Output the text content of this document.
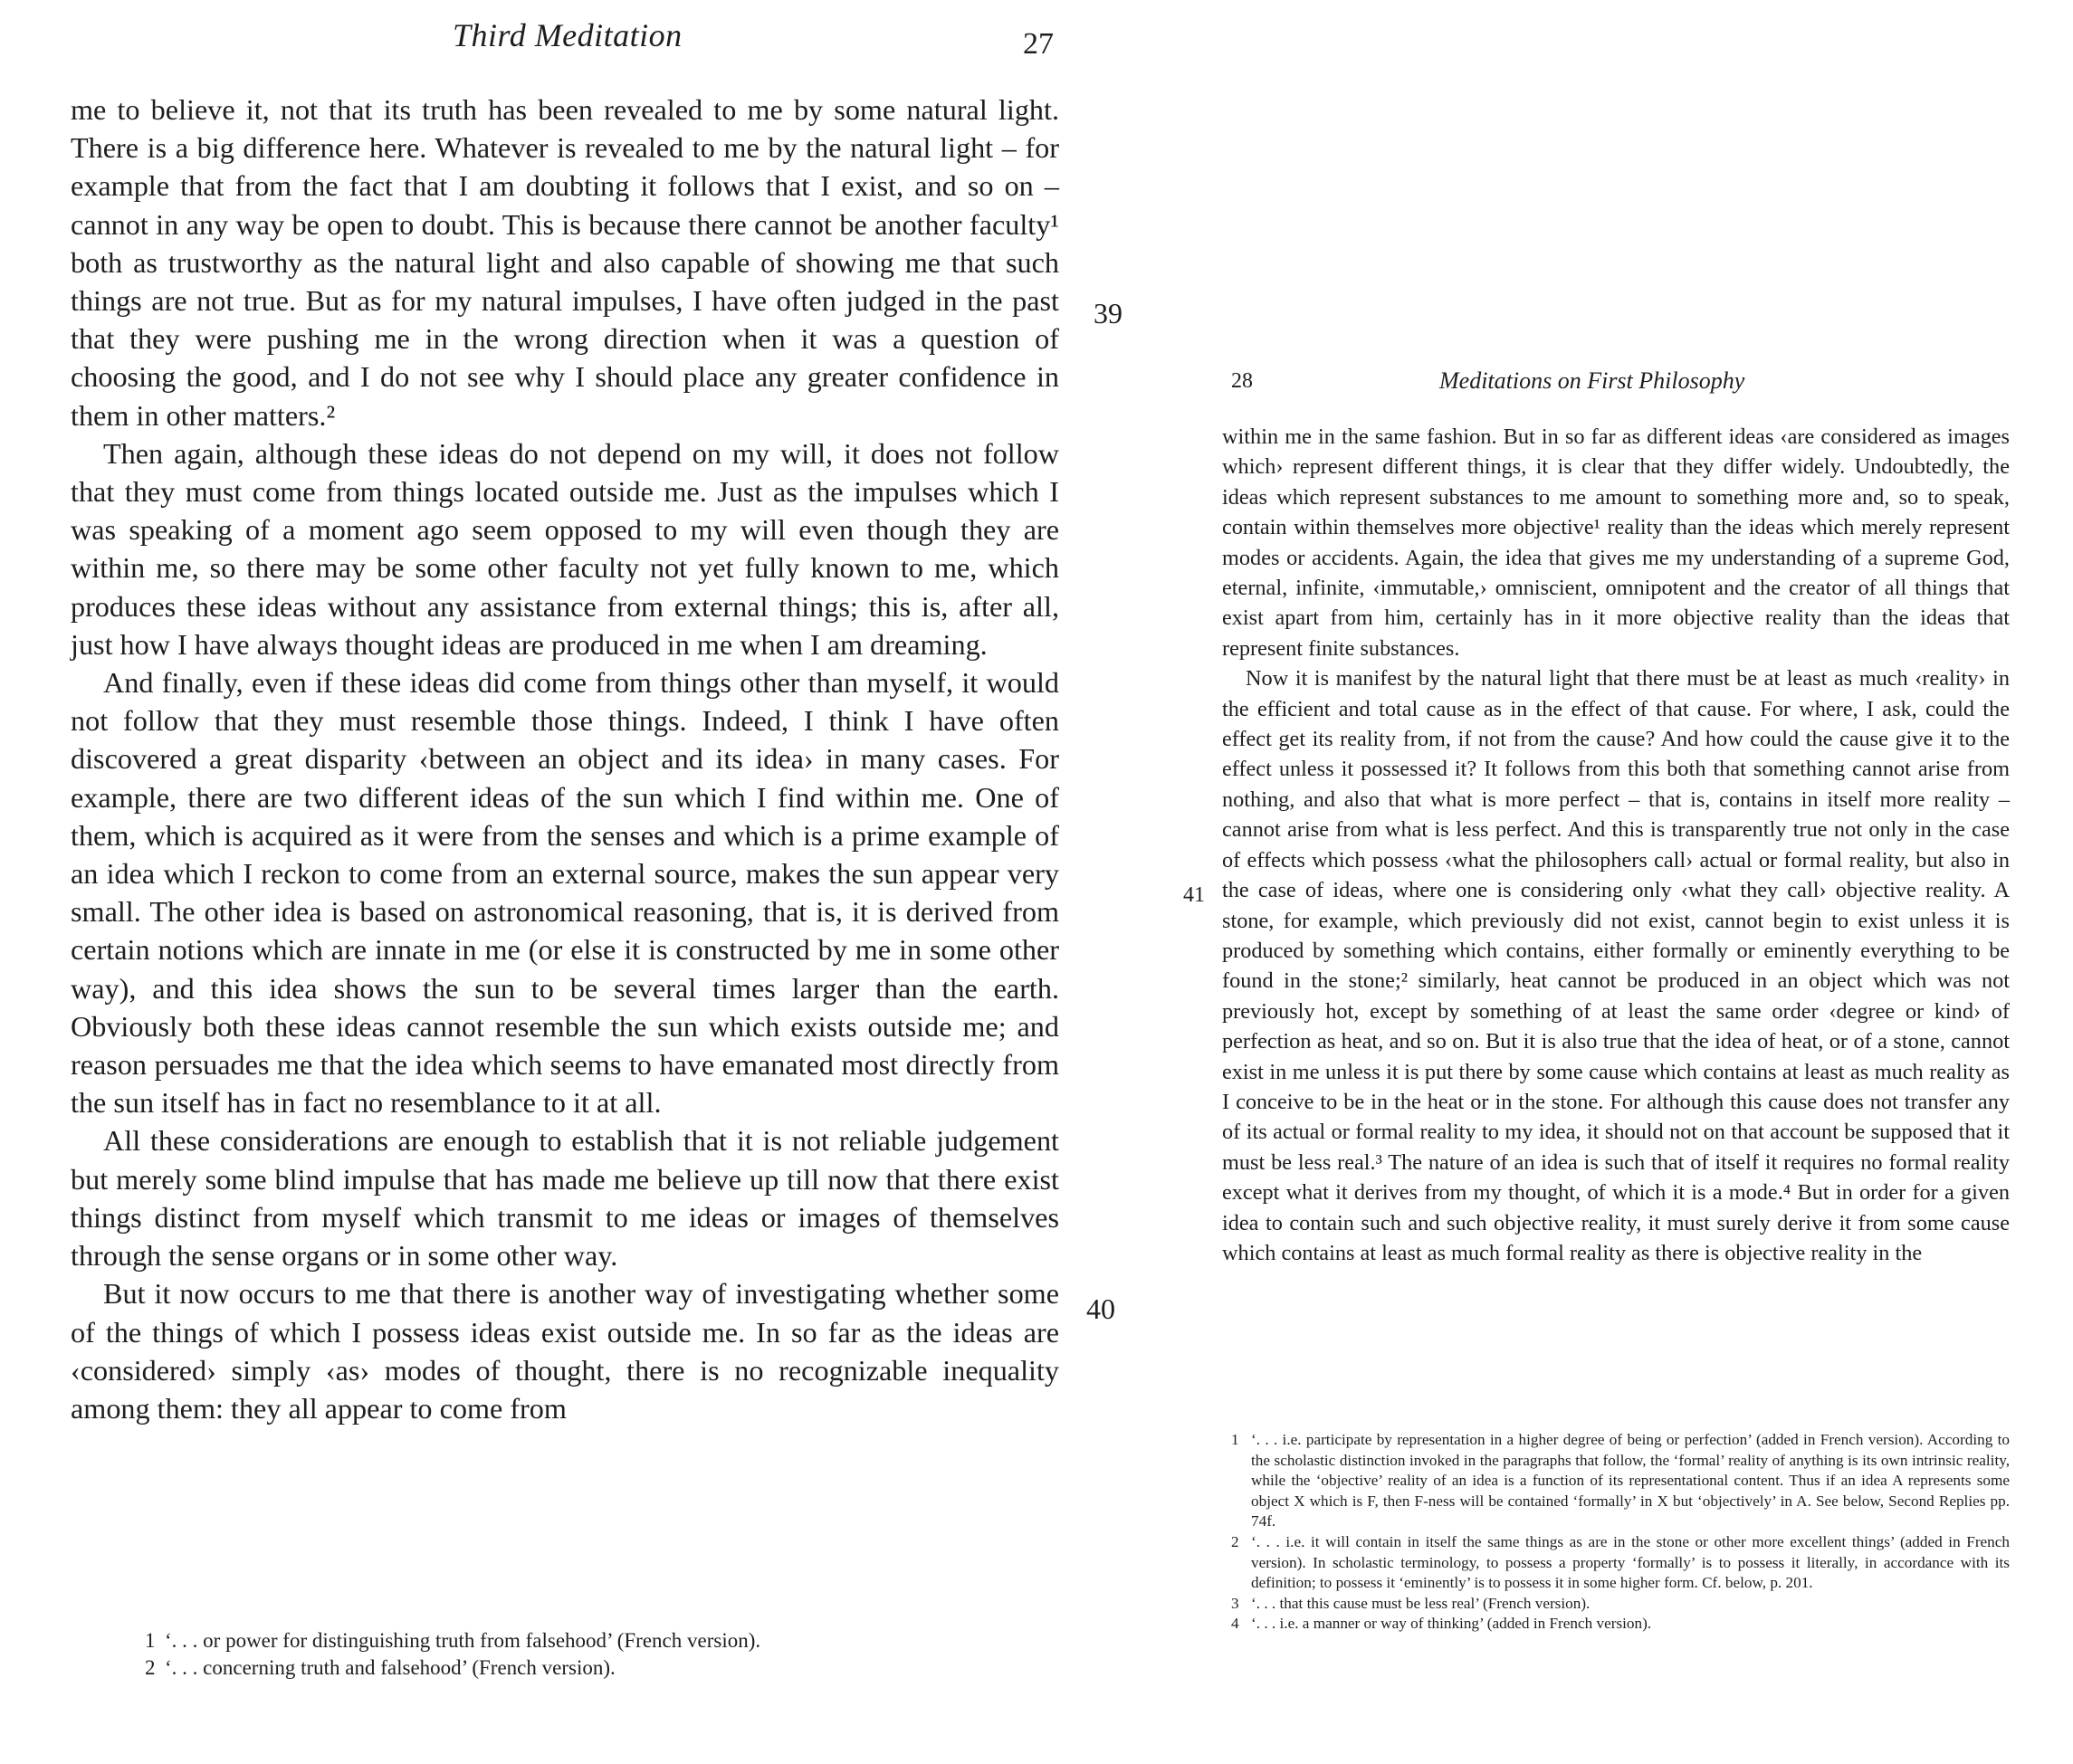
Third Meditation	27
39
40

me to believe it, not that its truth has been revealed to me by some natural light. There is a big difference here. Whatever is revealed to me by the natural light – for example that from the fact that I am doubting it follows that I exist, and so on – cannot in any way be open to doubt. This is because there cannot be another faculty¹ both as trustworthy as the natural light and also capable of showing me that such things are not true. But as for my natural impulses, I have often judged in the past that they were pushing me in the wrong direction when it was a question of choosing the good, and I do not see why I should place any greater confidence in them in other matters.²

Then again, although these ideas do not depend on my will, it does not follow that they must come from things located outside me. Just as the impulses which I was speaking of a moment ago seem opposed to my will even though they are within me, so there may be some other faculty not yet fully known to me, which produces these ideas without any assistance from external things; this is, after all, just how I have always thought ideas are produced in me when I am dreaming.

And finally, even if these ideas did come from things other than myself, it would not follow that they must resemble those things. Indeed, I think I have often discovered a great disparity ‹between an object and its idea› in many cases. For example, there are two different ideas of the sun which I find within me. One of them, which is acquired as it were from the senses and which is a prime example of an idea which I reckon to come from an external source, makes the sun appear very small. The other idea is based on astronomical reasoning, that is, it is derived from certain notions which are innate in me (or else it is constructed by me in some other way), and this idea shows the sun to be several times larger than the earth. Obviously both these ideas cannot resemble the sun which exists outside me; and reason persuades me that the idea which seems to have emanated most directly from the sun itself has in fact no resemblance to it at all.

All these considerations are enough to establish that it is not reliable judgement but merely some blind impulse that has made me believe up till now that there exist things distinct from myself which transmit to me ideas or images of themselves through the sense organs or in some other way.

But it now occurs to me that there is another way of investigating whether some of the things of which I possess ideas exist outside me. In so far as the ideas are ‹considered› simply ‹as› modes of thought, there is no recognizable inequality among them: they all appear to come from

1 ‘. . . or power for distinguishing truth from falsehood’ (French version).
2 ‘. . . concerning truth and falsehood’ (French version).
28	Meditations on First Philosophy
41

within me in the same fashion. But in so far as different ideas ‹are considered as images which› represent different things, it is clear that they differ widely. Undoubtedly, the ideas which represent substances to me amount to something more and, so to speak, contain within themselves more objective¹ reality than the ideas which merely represent modes or accidents. Again, the idea that gives me my understanding of a supreme God, eternal, infinite, ‹immutable,› omniscient, omnipotent and the creator of all things that exist apart from him, certainly has in it more objective reality than the ideas that represent finite substances.

Now it is manifest by the natural light that there must be at least as much ‹reality› in the efficient and total cause as in the effect of that cause. For where, I ask, could the effect get its reality from, if not from the cause? And how could the cause give it to the effect unless it possessed it? It follows from this both that something cannot arise from nothing, and also that what is more perfect – that is, contains in itself more reality – cannot arise from what is less perfect. And this is transparently true not only in the case of effects which possess ‹what the philosophers call› actual or formal reality, but also in the case of ideas, where one is considering only ‹what they call› objective reality. A stone, for example, which previously did not exist, cannot begin to exist unless it is produced by something which contains, either formally or eminently everything to be found in the stone;² similarly, heat cannot be produced in an object which was not previously hot, except by something of at least the same order ‹degree or kind› of perfection as heat, and so on. But it is also true that the idea of heat, or of a stone, cannot exist in me unless it is put there by some cause which contains at least as much reality as I conceive to be in the heat or in the stone. For although this cause does not transfer any of its actual or formal reality to my idea, it should not on that account be supposed that it must be less real.³ The nature of an idea is such that of itself it requires no formal reality except what it derives from my thought, of which it is a mode.⁴ But in order for a given idea to contain such and such objective reality, it must surely derive it from some cause which contains at least as much formal reality as there is objective reality in the

1 ‘. . . i.e. participate by representation in a higher degree of being or perfection’ (added in French version). According to the scholastic distinction invoked in the paragraphs that follow, the ‘formal’ reality of anything is its own intrinsic reality, while the ‘objective’ reality of an idea is a function of its representational content. Thus if an idea A represents some object X which is F, then F-ness will be contained ‘formally’ in X but ‘objectively’ in A. See below, Second Replies pp. 74f.

2 ‘. . . i.e. it will contain in itself the same things as are in the stone or other more excellent things’ (added in French version). In scholastic terminology, to possess a property ‘formally’ is to possess it literally, in accordance with its definition; to possess it ‘eminently’ is to possess it in some higher form. Cf. below, p. 201.

3 ‘. . . that this cause must be less real’ (French version).

4 ‘. . . i.e. a manner or way of thinking’ (added in French version).
